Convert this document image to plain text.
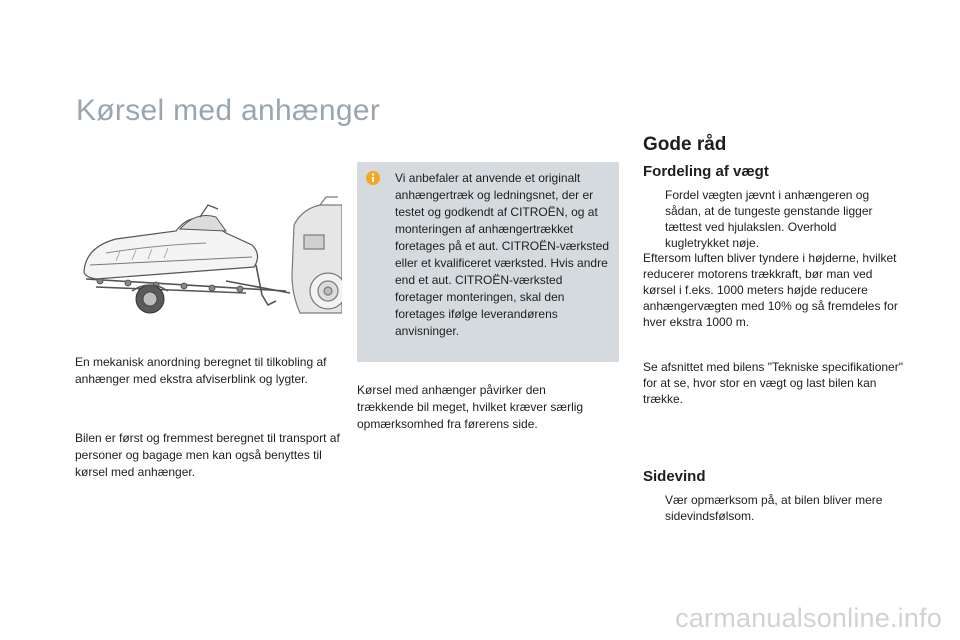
Kørsel med anhænger
En mekanisk anordning beregnet til tilkobling af anhænger med ekstra afviserblink og lygter.
Bilen er først og fremmest beregnet til transport af personer og bagage men kan også benyttes til kørsel med anhænger.
Vi anbefaler at anvende et originalt anhængertræk og ledningsnet, der er testet og godkendt af CITROËN, og at monteringen af anhængertrækket foretages på et aut. CITROËN-værksted eller et kvalificeret værksted. Hvis andre end et aut. CITROËN-værksted foretager monteringen, skal den foretages ifølge leverandørens anvisninger.
Kørsel med anhænger påvirker den trækkende bil meget, hvilket kræver særlig opmærksomhed fra førerens side.
Gode råd
Fordeling af vægt
Fordel vægten jævnt i anhængeren og sådan, at de tungeste genstande ligger tættest ved hjulakslen. Overhold kugletrykket nøje.
Eftersom luften bliver tyndere i højderne, hvilket reducerer motorens trækkraft, bør man ved kørsel i f.eks. 1000 meters højde reducere anhængervægten med 10% og så fremdeles for hver ekstra 1000 m.
Se afsnittet med bilens "Tekniske specifikationer" for at se, hvor stor en vægt og last bilen kan trække.
Sidevind
Vær opmærksom på, at bilen bliver mere sidevindsfølsom.
carmanualsonline.info
